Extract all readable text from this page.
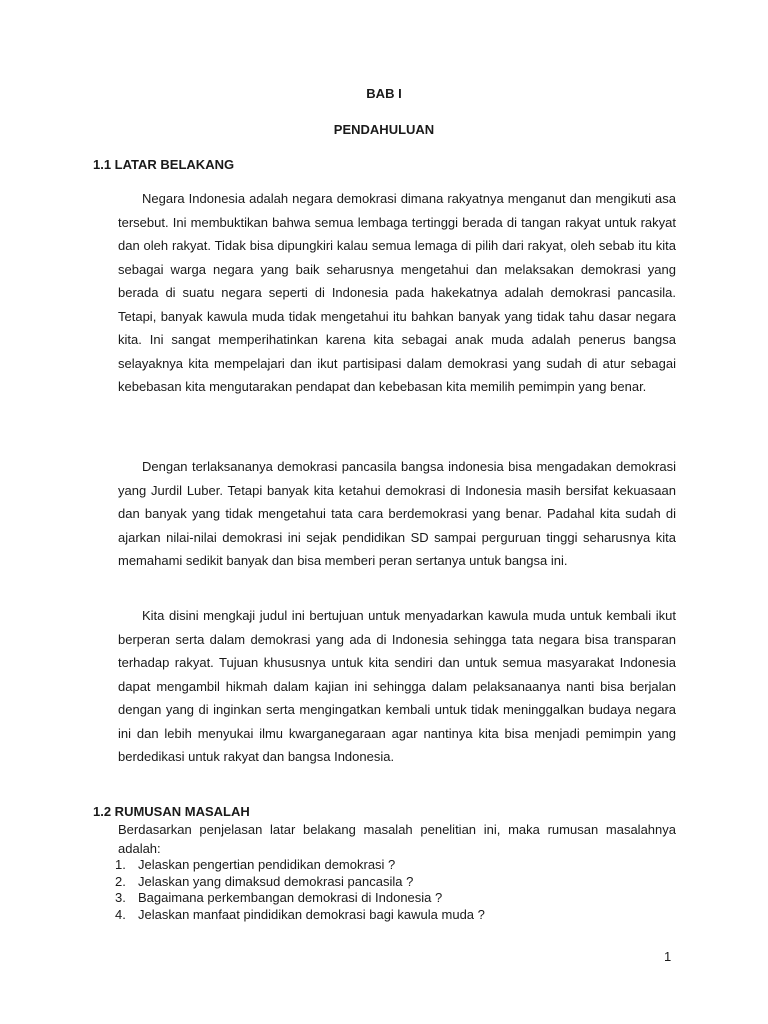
BAB I

PENDAHULUAN

1.1 LATAR BELAKANG

Negara Indonesia adalah negara demokrasi dimana rakyatnya menganut dan mengikuti asa tersebut. Ini membuktikan bahwa semua lembaga tertinggi berada di tangan rakyat untuk rakyat dan oleh rakyat. Tidak bisa dipungkiri kalau semua lemaga di pilih dari rakyat, oleh sebab itu kita sebagai warga negara yang baik seharusnya mengetahui dan melaksakan demokrasi yang berada di suatu negara seperti di Indonesia pada hakekatnya adalah demokrasi pancasila. Tetapi, banyak kawula muda tidak mengetahui itu bahkan banyak yang tidak tahu dasar negara kita. Ini sangat memperihatinkan karena kita sebagai anak muda adalah penerus bangsa selayaknya kita mempelajari dan ikut partisipasi dalam demokrasi yang sudah di atur sebagai kebebasan kita mengutarakan pendapat dan kebebasan kita memilih pemimpin yang benar.

Dengan terlaksananya demokrasi pancasila bangsa indonesia bisa mengadakan demokrasi yang Jurdil Luber. Tetapi banyak kita ketahui demokrasi di Indonesia masih bersifat kekuasaan dan banyak yang tidak mengetahui tata cara berdemokrasi yang benar. Padahal kita sudah di ajarkan nilai-nilai demokrasi ini sejak pendidikan SD sampai perguruan tinggi seharusnya kita memahami sedikit banyak dan bisa memberi peran sertanya untuk bangsa ini.

Kita disini mengkaji judul ini bertujuan untuk menyadarkan kawula muda untuk kembali ikut berperan serta dalam demokrasi yang ada di Indonesia sehingga tata negara bisa transparan terhadap rakyat. Tujuan khususnya untuk kita sendiri dan untuk semua masyarakat Indonesia dapat mengambil hikmah dalam kajian ini sehingga dalam pelaksanaanya nanti bisa berjalan dengan yang di inginkan serta mengingatkan kembali untuk tidak meninggalkan budaya negara ini dan lebih menyukai ilmu kwarganegaraan agar nantinya kita bisa menjadi pemimpin yang berdedikasi untuk rakyat dan bangsa Indonesia.

1.2 RUMUSAN MASALAH

Berdasarkan penjelasan latar belakang masalah penelitian ini, maka rumusan masalahnya adalah:

1. Jelaskan pengertian pendidikan demokrasi ?
2. Jelaskan yang dimaksud demokrasi pancasila ?
3. Bagaimana perkembangan demokrasi di Indonesia ?
4. Jelaskan manfaat pindidikan demokrasi bagi kawula muda ?

1
